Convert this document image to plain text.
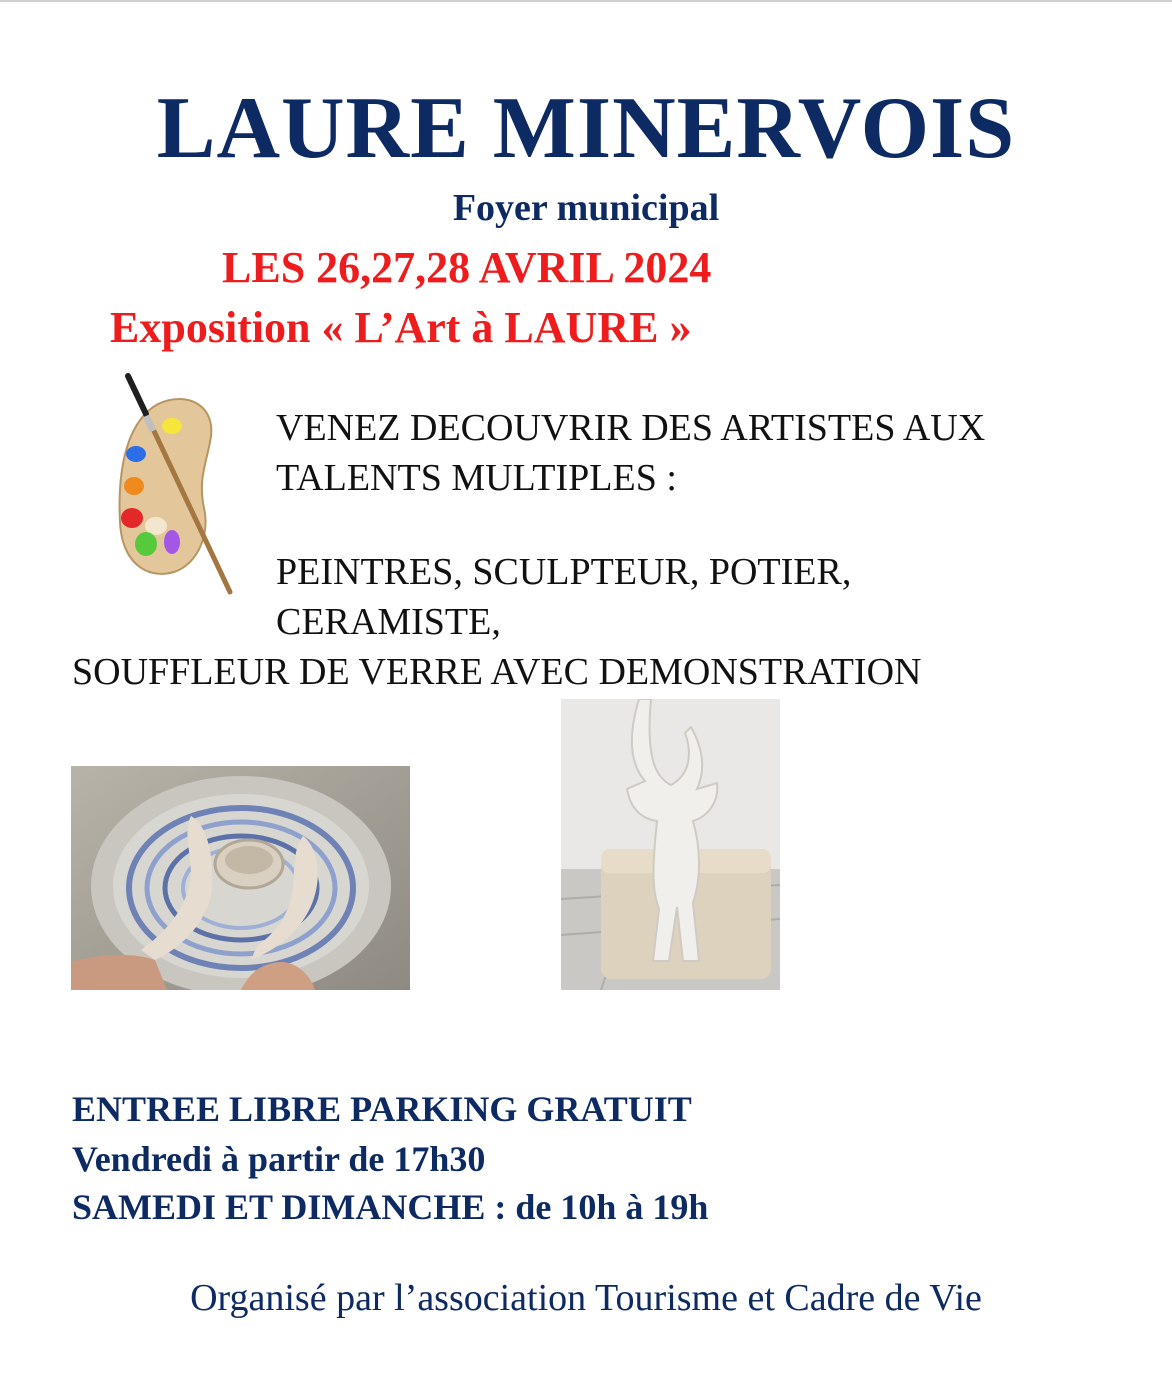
LAURE MINERVOIS

Foyer municipal

LES 26,27,28 AVRIL 2024

Exposition « L’Art à LAURE »

VENEZ DECOUVRIR DES ARTISTES AUX

TALENTS MULTIPLES :

PEINTRES, SCULPTEUR, POTIER,

CERAMISTE,

SOUFFLEUR DE VERRE AVEC DEMONSTRATION

ENTREE LIBRE PARKING GRATUIT

Vendredi à partir de 17h30

SAMEDI ET DIMANCHE : de 10h à 19h

Organisé par l’association Tourisme et Cadre de Vie
